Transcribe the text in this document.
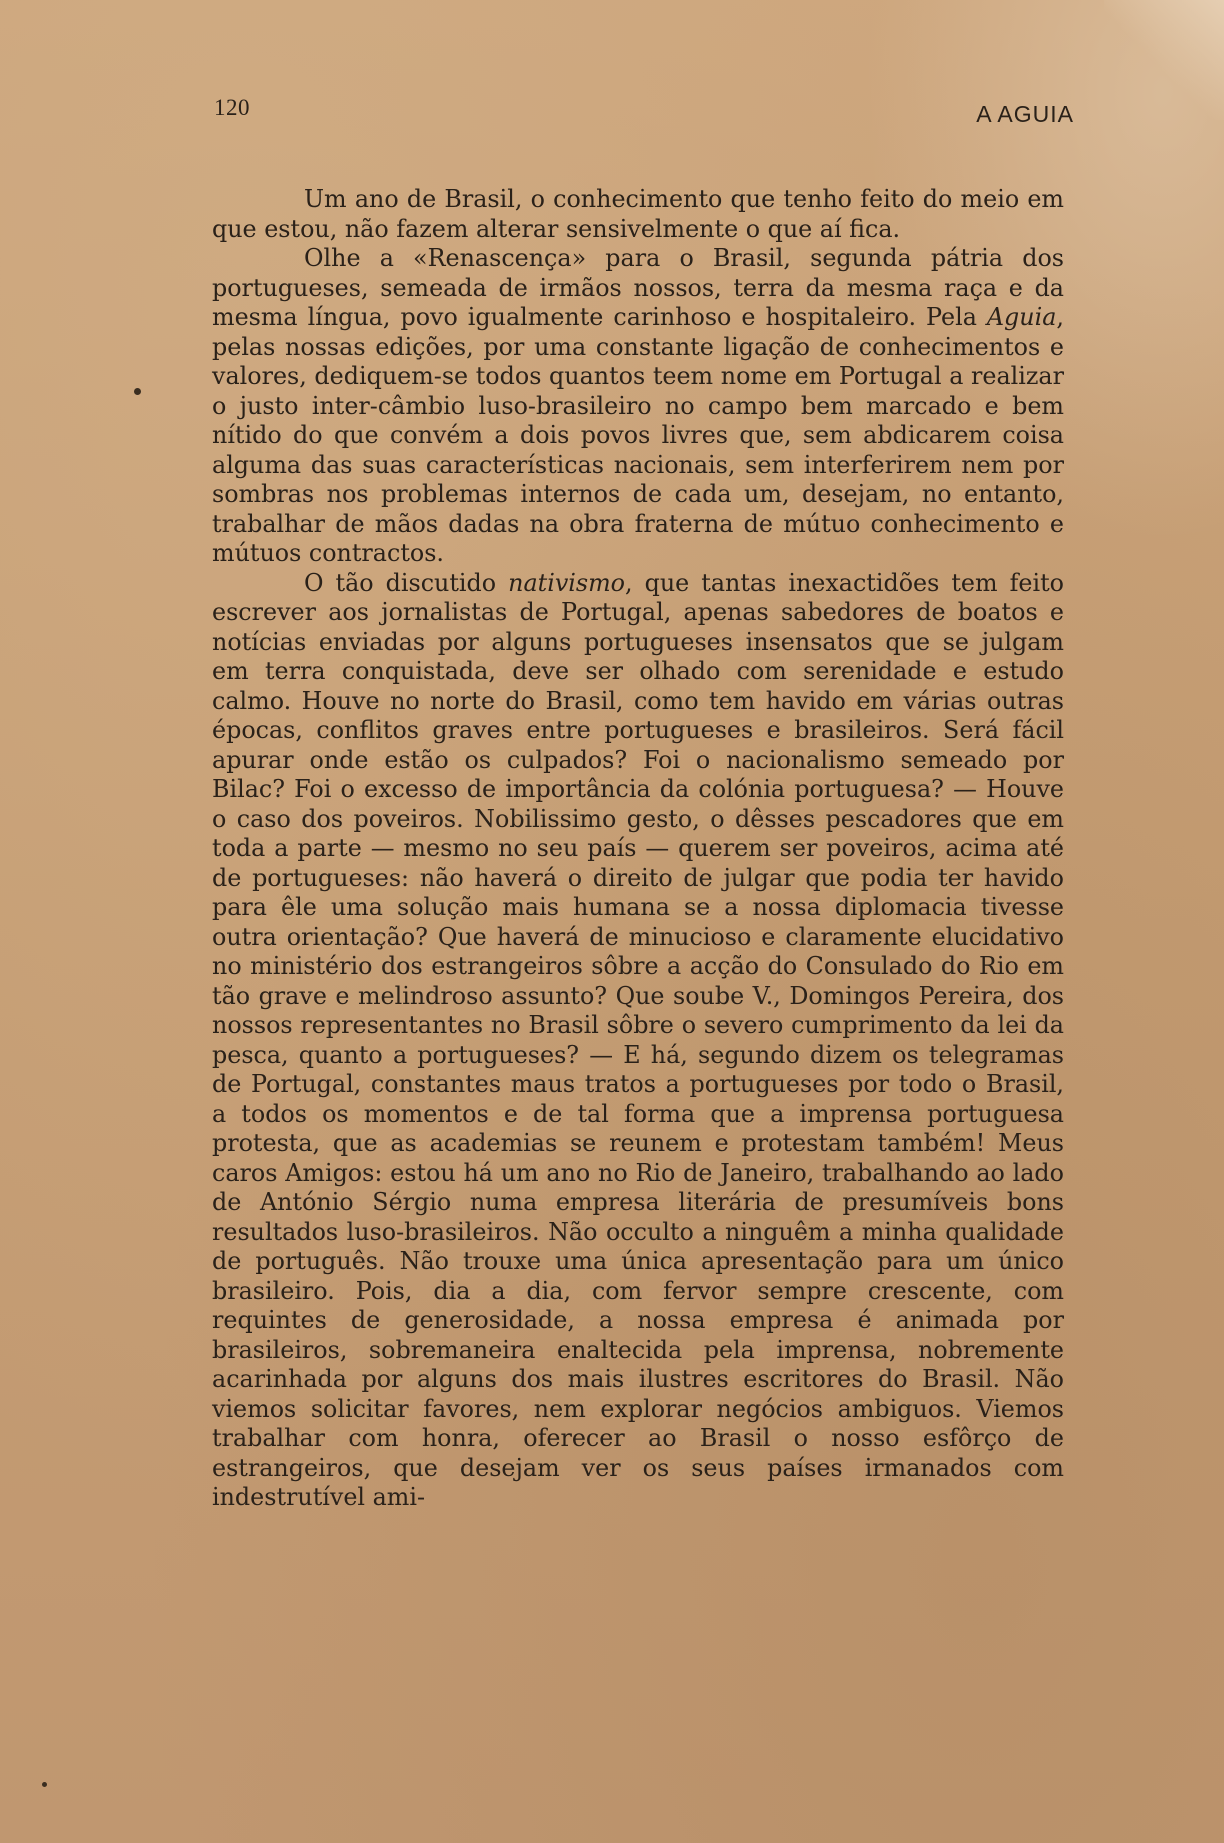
120	A AGUIA

Um ano de Brasil, o conhecimento que tenho feito do meio em que estou, não fazem alterar sensivelmente o que aí fica.

Olhe a «Renascença» para o Brasil, segunda pátria dos portugueses, semeada de irmãos nossos, terra da mesma raça e da mesma língua, povo igualmente carinhoso e hospitaleiro. Pela Aguia, pelas nossas edições, por uma constante ligação de conhecimentos e valores, dediquem-se todos quantos teem nome em Portugal a realizar o justo inter-câmbio luso-brasileiro no campo bem marcado e bem nítido do que convém a dois povos livres que, sem abdicarem coisa alguma das suas características nacionais, sem interferirem nem por sombras nos problemas internos de cada um, desejam, no entanto, trabalhar de mãos dadas na obra fraterna de mútuo conhecimento e mútuos contractos.

O tão discutido nativismo, que tantas inexactidões tem feito escrever aos jornalistas de Portugal, apenas sabedores de boatos e notícias enviadas por alguns portugueses insensatos que se julgam em terra conquistada, deve ser olhado com serenidade e estudo calmo. Houve no norte do Brasil, como tem havido em várias outras épocas, conflitos graves entre portugueses e brasileiros. Será fácil apurar onde estão os culpados? Foi o nacionalismo semeado por Bilac? Foi o excesso de importância da colónia portuguesa? — Houve o caso dos poveiros. Nobilissimo gesto, o dêsses pescadores que em toda a parte — mesmo no seu país — querem ser poveiros, acima até de portugueses: não haverá o direito de julgar que podia ter havido para êle uma solução mais humana se a nossa diplomacia tivesse outra orientação? Que haverá de minucioso e claramente elucidativo no ministério dos estrangeiros sôbre a acção do Consulado do Rio em tão grave e melindroso assunto? Que soube V., Domingos Pereira, dos nossos representantes no Brasil sôbre o severo cumprimento da lei da pesca, quanto a portugueses? — E há, segundo dizem os telegramas de Portugal, constantes maus tratos a portugueses por todo o Brasil, a todos os momentos e de tal forma que a imprensa portuguesa protesta, que as academias se reunem e protestam também! Meus caros Amigos: estou há um ano no Rio de Janeiro, trabalhando ao lado de António Sérgio numa empresa literária de presumíveis bons resultados luso-brasileiros. Não occulto a ninguêm a minha qualidade de português. Não trouxe uma única apresentação para um único brasileiro. Pois, dia a dia, com fervor sempre crescente, com requintes de generosidade, a nossa empresa é animada por brasileiros, sobremaneira enaltecida pela imprensa, nobremente acarinhada por alguns dos mais ilustres escritores do Brasil. Não viemos solicitar favores, nem explorar negócios ambiguos. Viemos trabalhar com honra, oferecer ao Brasil o nosso esfôrço de estrangeiros, que desejam ver os seus países irmanados com indestrutível ami-
